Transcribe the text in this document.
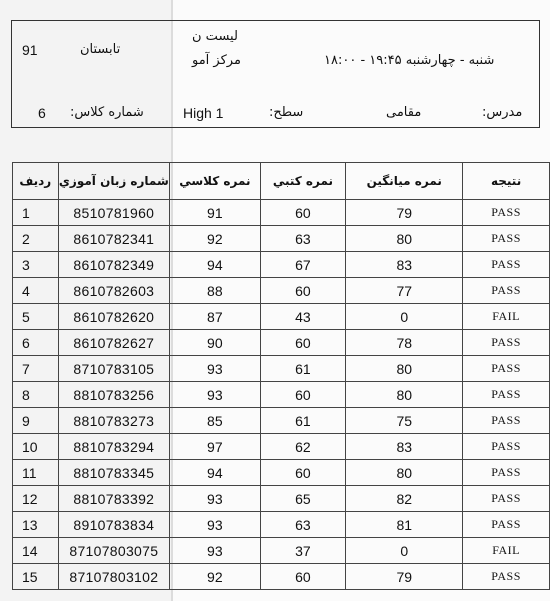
91	تابستان
لیست ن
مرکز آمو	شنبه - چهارشنبه ۱۹:۴۵ - ۱۸:۰۰
6 شماره کلاس:	High 1	سطح:	مقامی	مدرس:
ردیف	شماره زبان آموزي	نمره كلاسي	نمره كتبي	نمره ميانگين	نتيجه
1	8510781960	91	60	79	PASS
2	8610782341	92	63	80	PASS
3	8610782349	94	67	83	PASS
4	8610782603	88	60	77	PASS
5	8610782620	87	43	0	FAIL
6	8610782627	90	60	78	PASS
7	8710783105	93	61	80	PASS
8	8810783256	93	60	80	PASS
9	8810783273	85	61	75	PASS
10	8810783294	97	62	83	PASS
11	8810783345	94	60	80	PASS
12	8810783392	93	65	82	PASS
13	8910783834	93	63	81	PASS
14	87107803075	93	37	0	FAIL
15	87107803102	92	60	79	PASS
